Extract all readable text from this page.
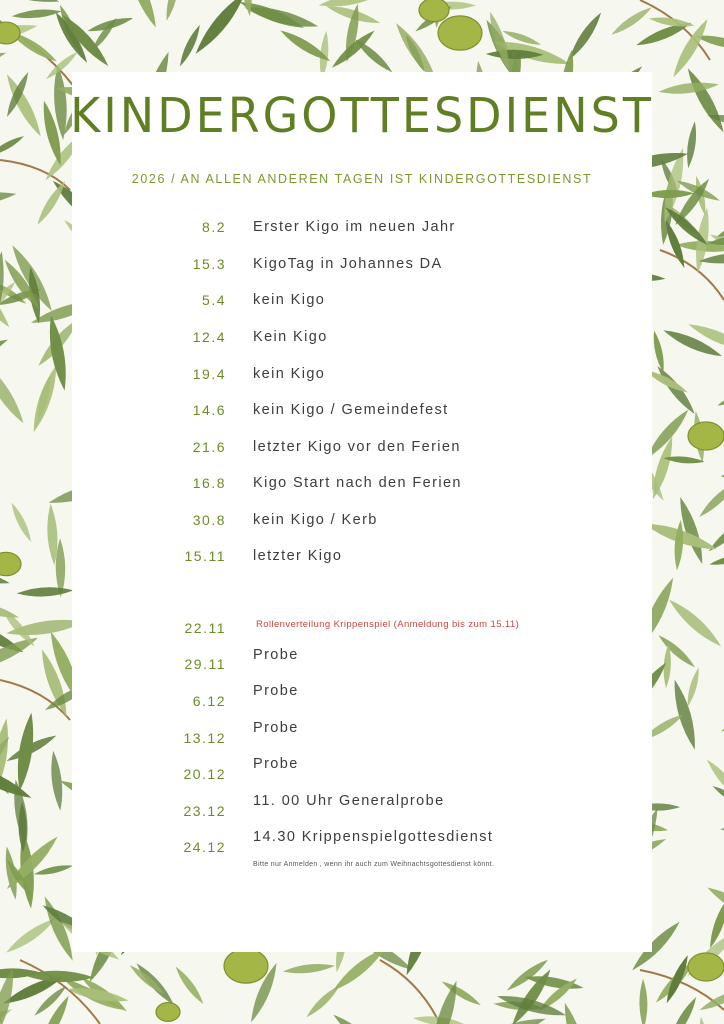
KINDERGOTTESDIENST
2026 / AN ALLEN ANDEREN TAGEN IST KINDERGOTTESDIENST
8.2 Erster Kigo im neuen Jahr
15.3 KigoTag in Johannes DA
5.4 kein Kigo
12.4 Kein Kigo
19.4 kein Kigo
14.6 kein Kigo / Gemeindefest
21.6 letzter Kigo vor den Ferien
16.8 Kigo Start nach den Ferien
30.8 kein Kigo / Kerb
15.11 letzter Kigo
22.11	Rollenverteilung Krippenspiel (Anmeldung bis zum 15.11)
29.11
Probe
6.12
Probe
13.12
Probe
20.12
Probe
23.12
11. 00 Uhr Generalprobe
24.12
14.30 Krippenspielgottesdienst
Bitte nur Anmelden , wenn ihr auch zum Weihnachtsgottesdienst könnt.
